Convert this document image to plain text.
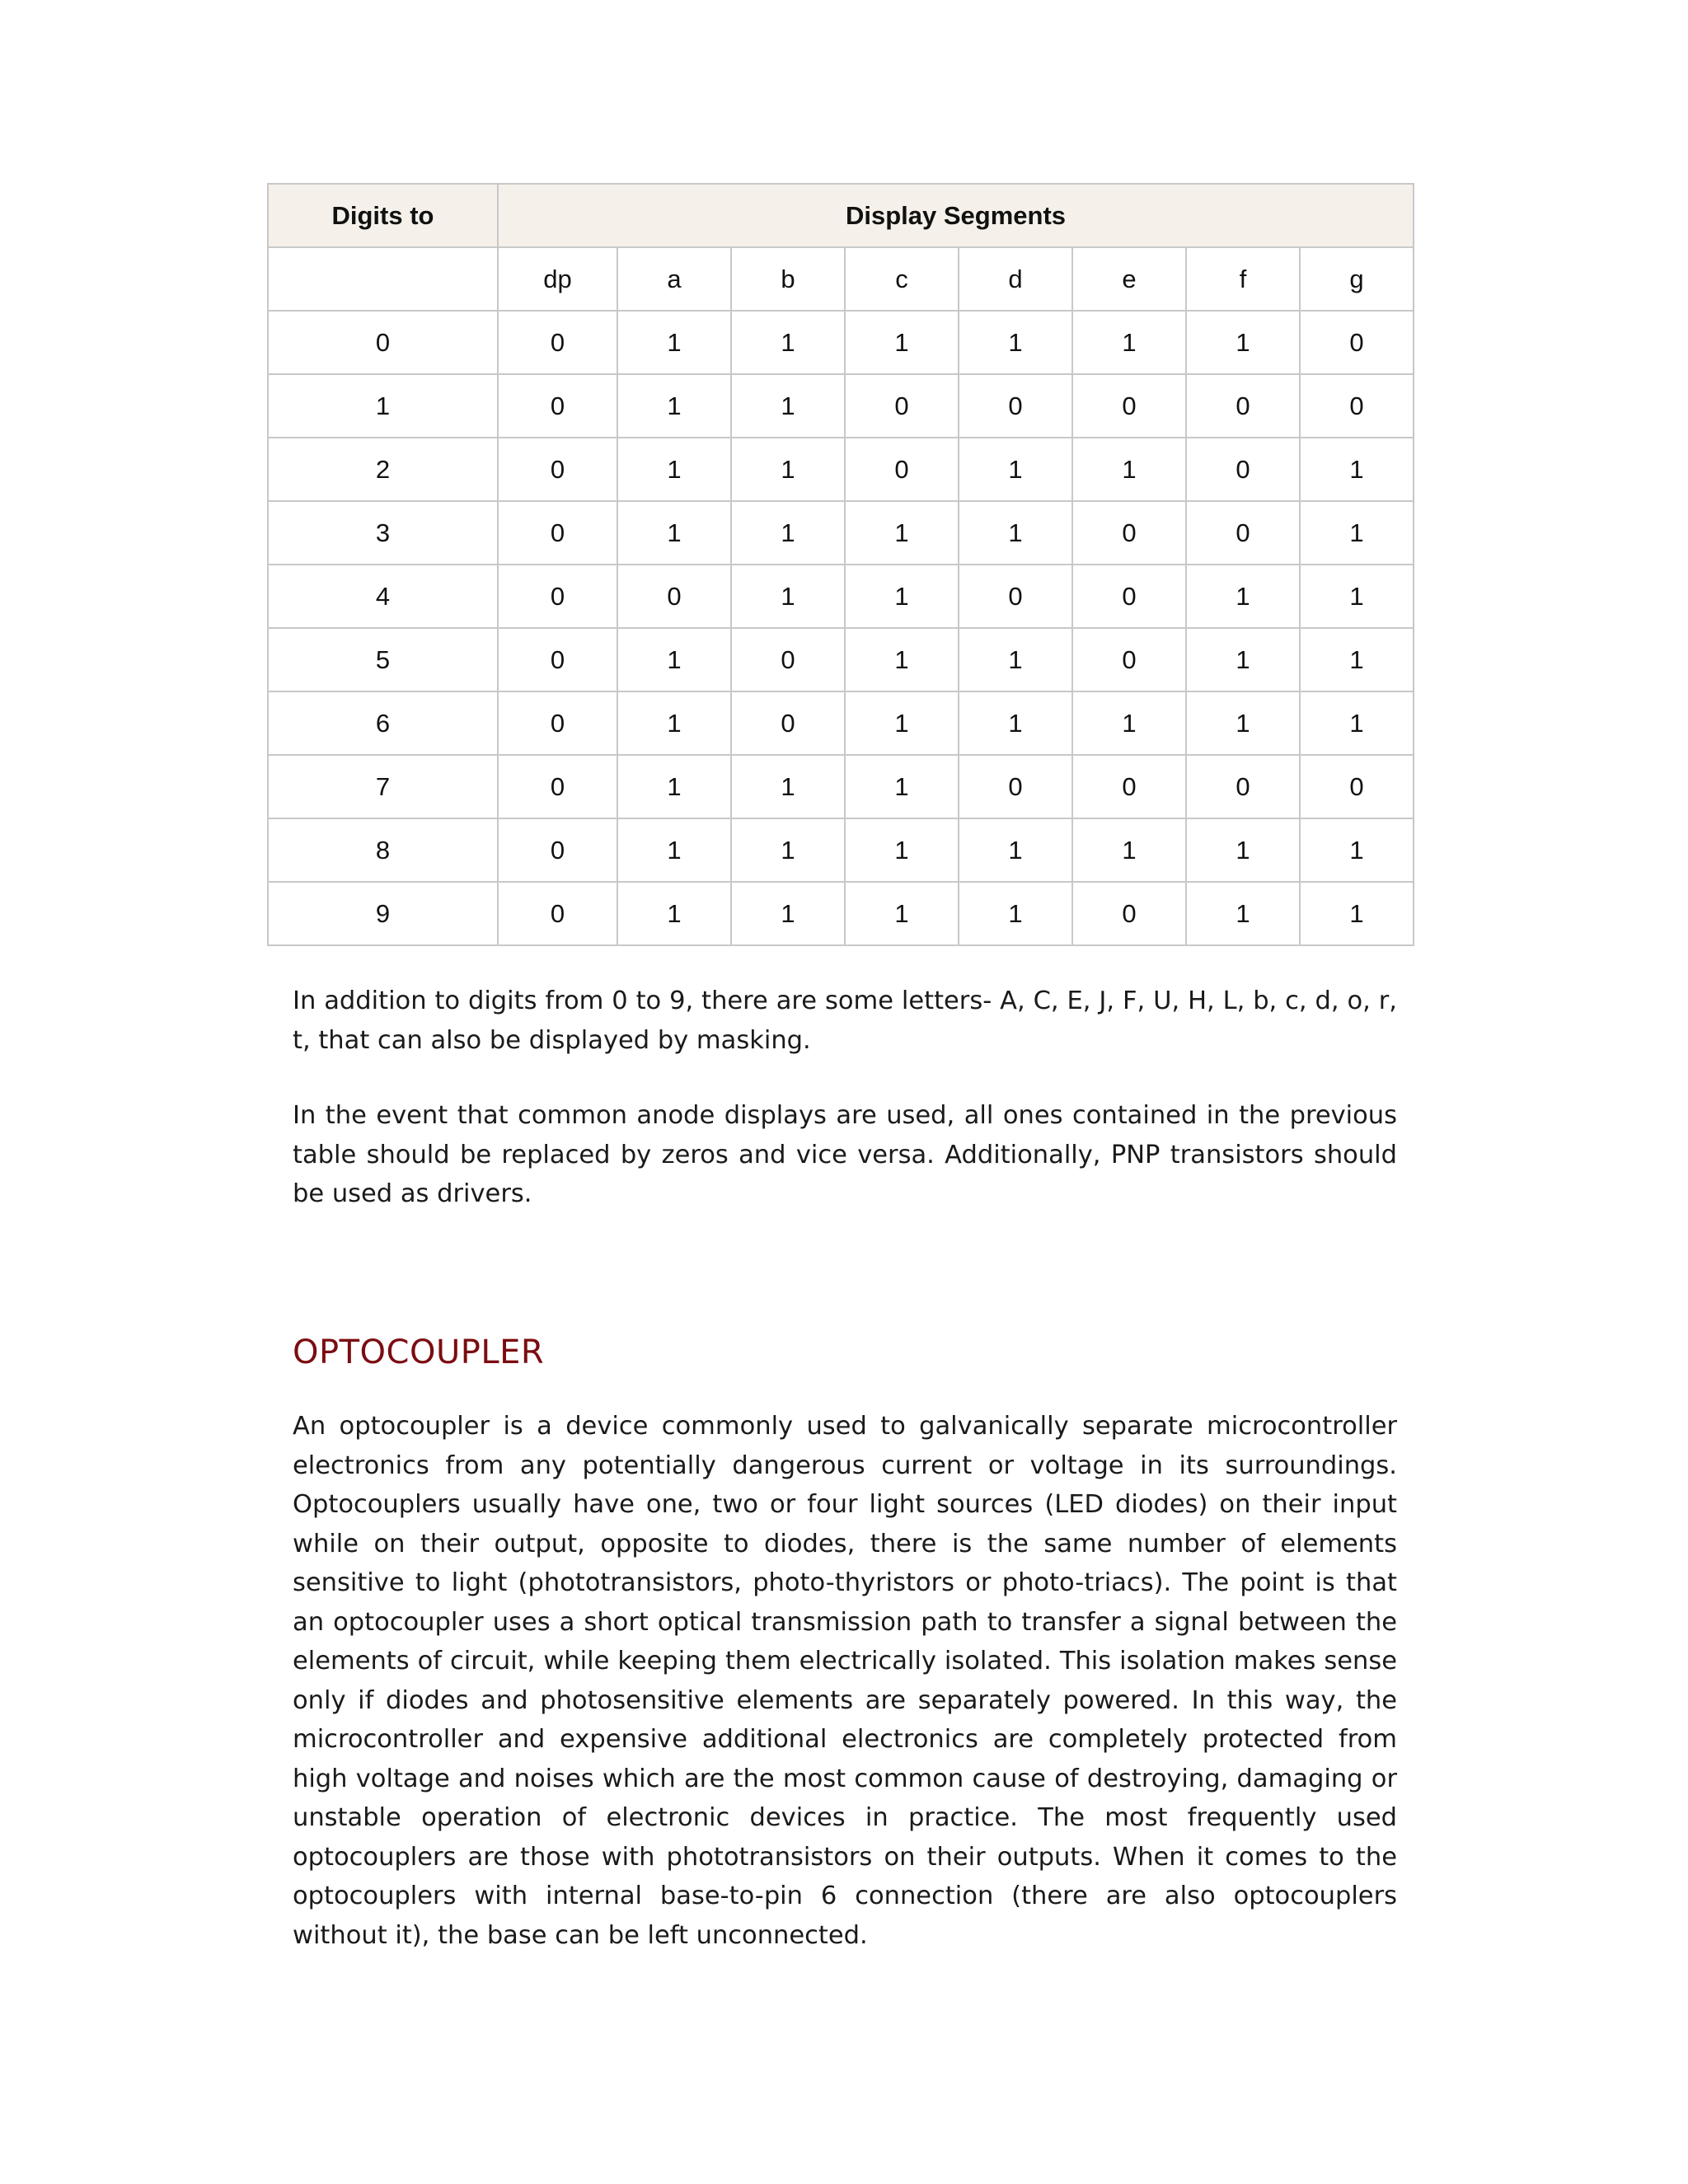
Digits to	Display Segments							
	dp	a	b	c	d	e	f	g
0	0	1	1	1	1	1	1	0
1	0	1	1	0	0	0	0	0
2	0	1	1	0	1	1	0	1
3	0	1	1	1	1	0	0	1
4	0	0	1	1	0	0	1	1
5	0	1	0	1	1	0	1	1
6	0	1	0	1	1	1	1	1
7	0	1	1	1	0	0	0	0
8	0	1	1	1	1	1	1	1
9	0	1	1	1	1	0	1	1

In addition to digits from 0 to 9, there are some letters- A, C, E, J, F, U, H, L, b, c, d, o, r, t, that can also be displayed by masking.

In the event that common anode displays are used, all ones contained in the previous table should be replaced by zeros and vice versa. Additionally, PNP transistors should be used as drivers.

OPTOCOUPLER

An optocoupler is a device commonly used to galvanically separate microcontroller electronics from any potentially dangerous current or voltage in its surroundings. Optocouplers usually have one, two or four light sources (LED diodes) on their input while on their output, opposite to diodes, there is the same number of elements sensitive to light (phototransistors, photo-thyristors or photo-triacs). The point is that an optocoupler uses a short optical transmission path to transfer a signal between the elements of circuit, while keeping them electrically isolated. This isolation makes sense only if diodes and photosensitive elements are separately powered. In this way, the microcontroller and expensive additional electronics are completely protected from high voltage and noises which are the most common cause of destroying, damaging or unstable operation of electronic devices in practice. The most frequently used optocouplers are those with phototransistors on their outputs. When it comes to the optocouplers with internal base-to-pin 6 connection (there are also optocouplers without it), the base can be left unconnected.
